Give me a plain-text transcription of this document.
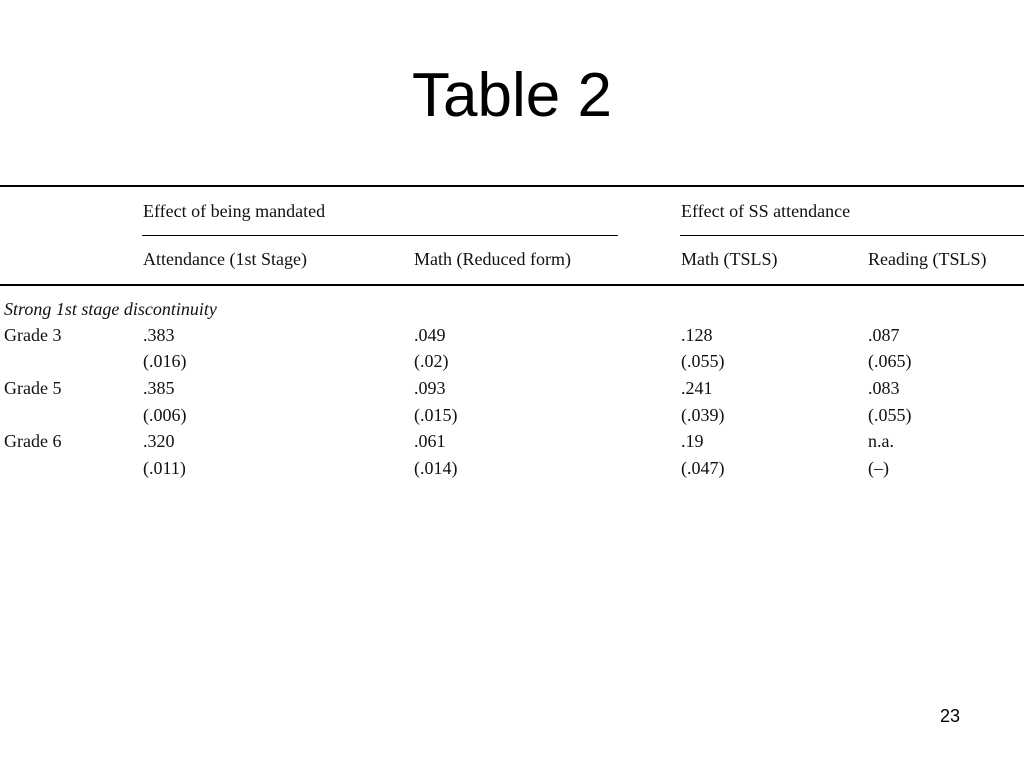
Table 2
Effect of being mandated	Effect of SS attendance
Attendance (1st Stage)	Math (Reduced form)	Math (TSLS)	Reading (TSLS)
Strong 1st stage discontinuity
Grade 3	.383	.049	.128	.087
(.016)	(.02)	(.055)	(.065)
Grade 5	.385	.093	.241	.083
(.006)	(.015)	(.039)	(.055)
Grade 6	.320	.061	.19	n.a.
(.011)	(.014)	(.047)	(–)
23
